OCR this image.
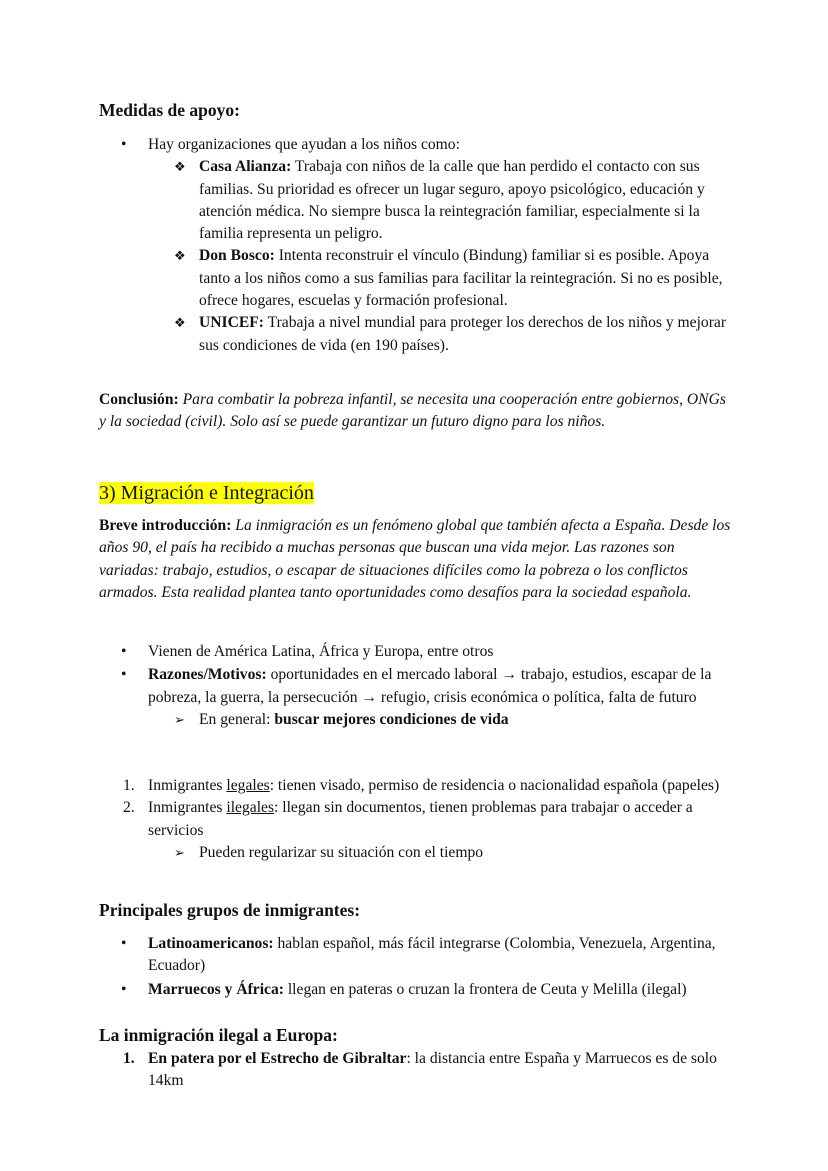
Medidas de apoyo:
• Hay organizaciones que ayudan a los niños como:
❖ Casa Alianza: Trabaja con niños de la calle que han perdido el contacto con sus familias. Su prioridad es ofrecer un lugar seguro, apoyo psicológico, educación y atención médica. No siempre busca la reintegración familiar, especialmente si la familia representa un peligro.
❖ Don Bosco: Intenta reconstruir el vínculo (Bindung) familiar si es posible. Apoya tanto a los niños como a sus familias para facilitar la reintegración. Si no es posible, ofrece hogares, escuelas y formación profesional.
❖ UNICEF: Trabaja a nivel mundial para proteger los derechos de los niños y mejorar sus condiciones de vida (en 190 países).
Conclusión: Para combatir la pobreza infantil, se necesita una cooperación entre gobiernos, ONGs y la sociedad (civil). Solo así se puede garantizar un futuro digno para los niños.
3) Migración e Integración
Breve introducción: La inmigración es un fenómeno global que también afecta a España. Desde los años 90, el país ha recibido a muchas personas que buscan una vida mejor. Las razones son variadas: trabajo, estudios, o escapar de situaciones difíciles como la pobreza o los conflictos armados. Esta realidad plantea tanto oportunidades como desafíos para la sociedad española.
• Vienen de América Latina, África y Europa, entre otros
• Razones/Motivos: oportunidades en el mercado laboral → trabajo, estudios, escapar de la pobreza, la guerra, la persecución → refugio, crisis económica o política, falta de futuro
➢ En general: buscar mejores condiciones de vida
1. Inmigrantes legales: tienen visado, permiso de residencia o nacionalidad española (papeles)
2. Inmigrantes ilegales: llegan sin documentos, tienen problemas para trabajar o acceder a servicios
➢ Pueden regularizar su situación con el tiempo
Principales grupos de inmigrantes:
• Latinoamericanos: hablan español, más fácil integrarse (Colombia, Venezuela, Argentina, Ecuador)
• Marruecos y África: llegan en pateras o cruzan la frontera de Ceuta y Melilla (ilegal)
La inmigración ilegal a Europa:
1. En patera por el Estrecho de Gibraltar: la distancia entre España y Marruecos es de solo 14km
